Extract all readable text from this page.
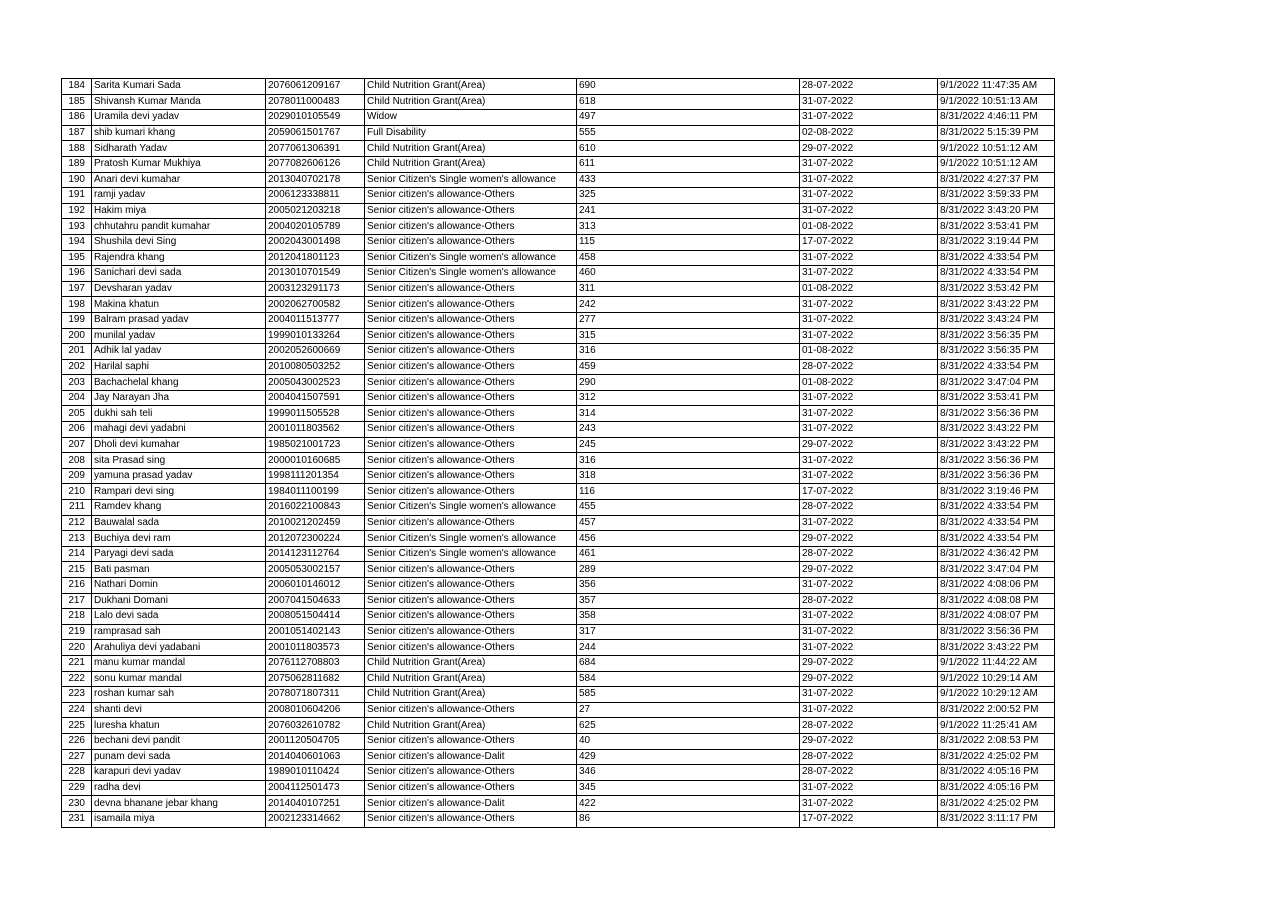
184	Sarita Kumari Sada	2076061209167	Child Nutrition Grant(Area)	690	28-07-2022	9/1/2022 11:47:35 AM
185	Shivansh Kumar Manda	2078011000483	Child Nutrition Grant(Area)	618	31-07-2022	9/1/2022 10:51:13 AM
186	Uramila devi yadav	2029010105549	Widow	497	31-07-2022	8/31/2022 4:46:11 PM
187	shib kumari khang	2059061501767	Full Disability	555	02-08-2022	8/31/2022 5:15:39 PM
188	Sidharath Yadav	2077061306391	Child Nutrition Grant(Area)	610	29-07-2022	9/1/2022 10:51:12 AM
189	Pratosh Kumar Mukhiya	2077082606126	Child Nutrition Grant(Area)	611	31-07-2022	9/1/2022 10:51:12 AM
190	Anari devi kumahar	2013040702178	Senior Citizen's Single women's allowance	433	31-07-2022	8/31/2022 4:27:37 PM
191	ramji yadav	2006123338811	Senior citizen's allowance-Others	325	31-07-2022	8/31/2022 3:59:33 PM
192	Hakim miya	2005021203218	Senior citizen's allowance-Others	241	31-07-2022	8/31/2022 3:43:20 PM
193	chhutahru pandit kumahar	2004020105789	Senior citizen's allowance-Others	313	01-08-2022	8/31/2022 3:53:41 PM
194	Shushila devi Sing	2002043001498	Senior citizen's allowance-Others	115	17-07-2022	8/31/2022 3:19:44 PM
195	Rajendra khang	2012041801123	Senior Citizen's Single women's allowance	458	31-07-2022	8/31/2022 4:33:54 PM
196	Sanichari devi sada	2013010701549	Senior Citizen's Single women's allowance	460	31-07-2022	8/31/2022 4:33:54 PM
197	Devsharan yadav	2003123291173	Senior citizen's allowance-Others	311	01-08-2022	8/31/2022 3:53:42 PM
198	Makina khatun	2002062700582	Senior citizen's allowance-Others	242	31-07-2022	8/31/2022 3:43:22 PM
199	Balram prasad yadav	2004011513777	Senior citizen's allowance-Others	277	31-07-2022	8/31/2022 3:43:24 PM
200	munilal yadav	1999010133264	Senior citizen's allowance-Others	315	31-07-2022	8/31/2022 3:56:35 PM
201	Adhik lal yadav	2002052600669	Senior citizen's allowance-Others	316	01-08-2022	8/31/2022 3:56:35 PM
202	Harilal saphi	2010080503252	Senior citizen's allowance-Others	459	28-07-2022	8/31/2022 4:33:54 PM
203	Bachachelal khang	2005043002523	Senior citizen's allowance-Others	290	01-08-2022	8/31/2022 3:47:04 PM
204	Jay Narayan Jha	2004041507591	Senior citizen's allowance-Others	312	31-07-2022	8/31/2022 3:53:41 PM
205	dukhi sah teli	1999011505528	Senior citizen's allowance-Others	314	31-07-2022	8/31/2022 3:56:36 PM
206	mahagi devi yadabni	2001011803562	Senior citizen's allowance-Others	243	31-07-2022	8/31/2022 3:43:22 PM
207	Dholi devi kumahar	1985021001723	Senior citizen's allowance-Others	245	29-07-2022	8/31/2022 3:43:22 PM
208	sita Prasad sing	2000010160685	Senior citizen's allowance-Others	316	31-07-2022	8/31/2022 3:56:36 PM
209	yamuna prasad yadav	1998111201354	Senior citizen's allowance-Others	318	31-07-2022	8/31/2022 3:56:36 PM
210	Rampari devi sing	1984011100199	Senior citizen's allowance-Others	116	17-07-2022	8/31/2022 3:19:46 PM
211	Ramdev khang	2016022100843	Senior Citizen's Single women's allowance	455	28-07-2022	8/31/2022 4:33:54 PM
212	Bauwalal sada	2010021202459	Senior citizen's allowance-Others	457	31-07-2022	8/31/2022 4:33:54 PM
213	Buchiya devi ram	2012072300224	Senior Citizen's Single women's allowance	456	29-07-2022	8/31/2022 4:33:54 PM
214	Paryagi devi sada	2014123112764	Senior Citizen's Single women's allowance	461	28-07-2022	8/31/2022 4:36:42 PM
215	Bati pasman	2005053002157	Senior citizen's allowance-Others	289	29-07-2022	8/31/2022 3:47:04 PM
216	Nathari Domin	2006010146012	Senior citizen's allowance-Others	356	31-07-2022	8/31/2022 4:08:06 PM
217	Dukhani Domani	2007041504633	Senior citizen's allowance-Others	357	28-07-2022	8/31/2022 4:08:08 PM
218	Lalo devi sada	2008051504414	Senior citizen's allowance-Others	358	31-07-2022	8/31/2022 4:08:07 PM
219	ramprasad sah	2001051402143	Senior citizen's allowance-Others	317	31-07-2022	8/31/2022 3:56:36 PM
220	Arahuliya devi yadabani	2001011803573	Senior citizen's allowance-Others	244	31-07-2022	8/31/2022 3:43:22 PM
221	manu kumar mandal	2076112708803	Child Nutrition Grant(Area)	684	29-07-2022	9/1/2022 11:44:22 AM
222	sonu kumar mandal	2075062811682	Child Nutrition Grant(Area)	584	29-07-2022	9/1/2022 10:29:14 AM
223	roshan kumar sah	2078071807311	Child Nutrition Grant(Area)	585	31-07-2022	9/1/2022 10:29:12 AM
224	shanti devi	2008010604206	Senior citizen's allowance-Others	27	31-07-2022	8/31/2022 2:00:52 PM
225	luresha khatun	2076032610782	Child Nutrition Grant(Area)	625	28-07-2022	9/1/2022 11:25:41 AM
226	bechani devi pandit	2001120504705	Senior citizen's allowance-Others	40	29-07-2022	8/31/2022 2:08:53 PM
227	punam devi sada	2014040601063	Senior citizen's allowance-Dalit	429	28-07-2022	8/31/2022 4:25:02 PM
228	karapuri devi yadav	1989010110424	Senior citizen's allowance-Others	346	28-07-2022	8/31/2022 4:05:16 PM
229	radha devi	2004112501473	Senior citizen's allowance-Others	345	31-07-2022	8/31/2022 4:05:16 PM
230	devna bhanane jebar khang	2014040107251	Senior citizen's allowance-Dalit	422	31-07-2022	8/31/2022 4:25:02 PM
231	isamaila miya	2002123314662	Senior citizen's allowance-Others	86	17-07-2022	8/31/2022 3:11:17 PM
